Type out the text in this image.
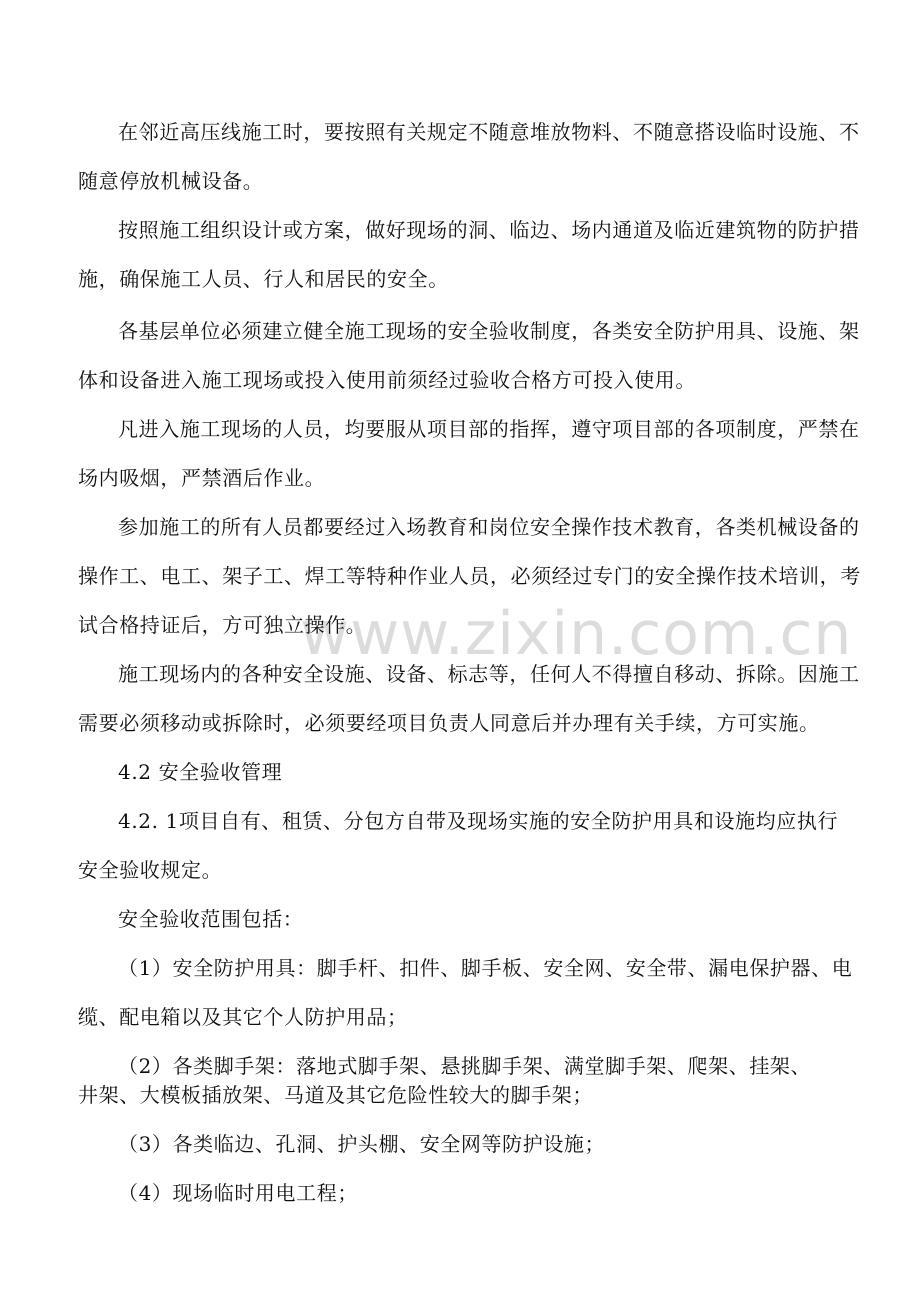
www.zixin.com.cn
在邻近高压线施工时，要按照有关规定不随意堆放物料、不随意搭设临时设施、不
随意停放机械设备。
按照施工组织设计或方案，做好现场的洞、临边、场内通道及临近建筑物的防护措
施，确保施工人员、行人和居民的安全。
各基层单位必须建立健全施工现场的安全验收制度，各类安全防护用具、设施、架
体和设备进入施工现场或投入使用前须经过验收合格方可投入使用。
凡进入施工现场的人员，均要服从项目部的指挥，遵守项目部的各项制度，严禁在
场内吸烟，严禁酒后作业。
参加施工的所有人员都要经过入场教育和岗位安全操作技术教育，各类机械设备的
操作工、电工、架子工、焊工等特种作业人员，必须经过专门的安全操作技术培训，考
试合格持证后，方可独立操作。
施工现场内的各种安全设施、设备、标志等，任何人不得擅自移动、拆除。因施工
需要必须移动或拆除时，必须要经项目负责人同意后并办理有关手续，方可实施。
4.2 安全验收管理
4.2. 1项目自有、租赁、分包方自带及现场实施的安全防护用具和设施均应执行
安全验收规定。
安全验收范围包括：
（1）安全防护用具：脚手杆、扣件、脚手板、安全网、安全带、漏电保护器、电
缆、配电箱以及其它个人防护用品；
（2）各类脚手架：落地式脚手架、悬挑脚手架、满堂脚手架、爬架、挂架、
井架、大模板插放架、马道及其它危险性较大的脚手架；
（3）各类临边、孔洞、护头棚、安全网等防护设施；
（4）现场临时用电工程；
